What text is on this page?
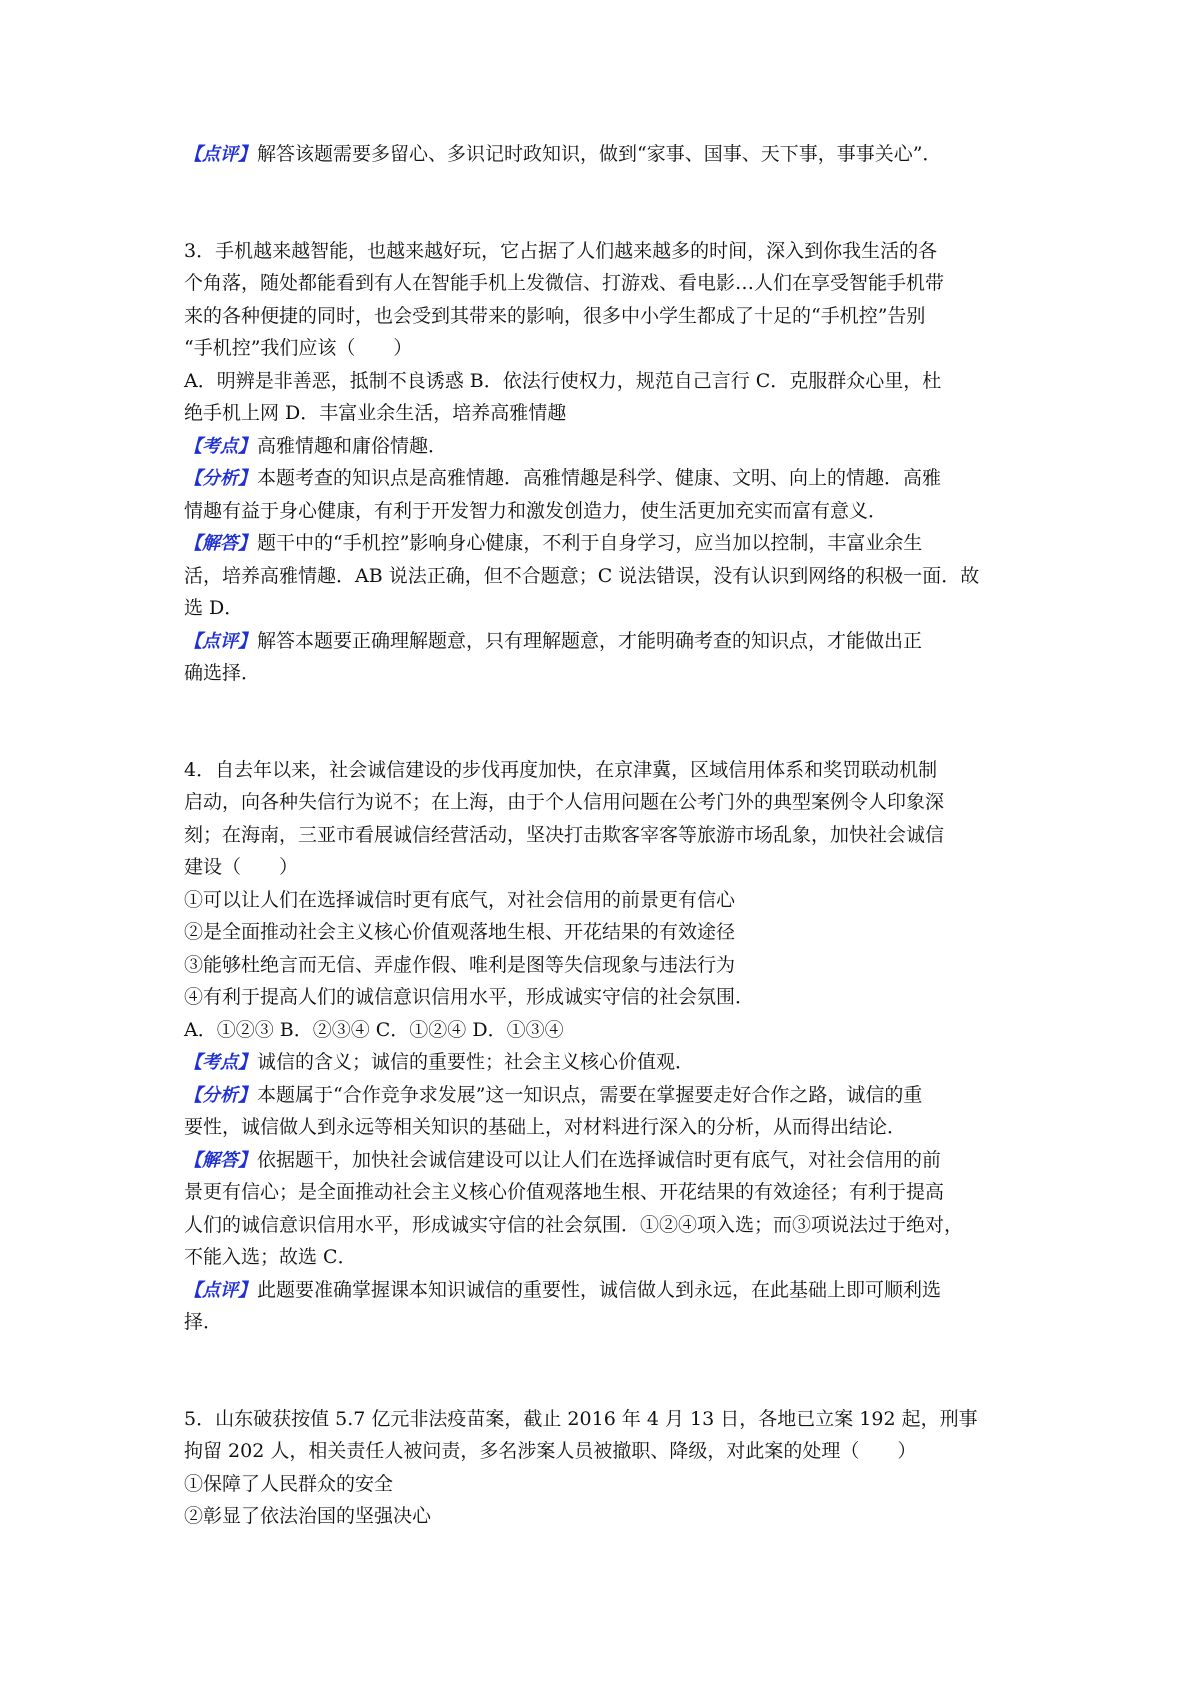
【点评】解答该题需要多留心、多识记时政知识，做到“家事、国事、天下事，事事关心”．
3．手机越来越智能，也越来越好玩，它占据了人们越来越多的时间，深入到你我生活的各
个角落，随处都能看到有人在智能手机上发微信、打游戏、看电影…人们在享受智能手机带
来的各种便捷的同时，也会受到其带来的影响，很多中小学生都成了十足的“手机控”告别
“手机控”我们应该（　　）
A．明辨是非善恶，抵制不良诱惑 B．依法行使权力，规范自己言行 C．克服群众心里，杜
绝手机上网 D．丰富业余生活，培养高雅情趣
【考点】高雅情趣和庸俗情趣．
【分析】本题考查的知识点是高雅情趣．高雅情趣是科学、健康、文明、向上的情趣．高雅
情趣有益于身心健康，有利于开发智力和激发创造力，使生活更加充实而富有意义．
【解答】题干中的“手机控”影响身心健康，不利于自身学习，应当加以控制，丰富业余生
活，培养高雅情趣．AB 说法正确，但不合题意；C 说法错误，没有认识到网络的积极一面．故
选 D．
【点评】解答本题要正确理解题意，只有理解题意，才能明确考查的知识点，才能做出正
确选择．
4．自去年以来，社会诚信建设的步伐再度加快，在京津冀，区域信用体系和奖罚联动机制
启动，向各种失信行为说不；在上海，由于个人信用问题在公考门外的典型案例令人印象深
刻；在海南，三亚市看展诚信经营活动，坚决打击欺客宰客等旅游市场乱象，加快社会诚信
建设（　　）
①可以让人们在选择诚信时更有底气，对社会信用的前景更有信心
②是全面推动社会主义核心价值观落地生根、开花结果的有效途径
③能够杜绝言而无信、弄虚作假、唯利是图等失信现象与违法行为
④有利于提高人们的诚信意识信用水平，形成诚实守信的社会氛围．
A．①②③ B．②③④ C．①②④ D．①③④
【考点】诚信的含义；诚信的重要性；社会主义核心价值观．
【分析】本题属于“合作竞争求发展”这一知识点，需要在掌握要走好合作之路，诚信的重
要性，诚信做人到永远等相关知识的基础上，对材料进行深入的分析，从而得出结论．
【解答】依据题干，加快社会诚信建设可以让人们在选择诚信时更有底气，对社会信用的前
景更有信心；是全面推动社会主义核心价值观落地生根、开花结果的有效途径；有利于提高
人们的诚信意识信用水平，形成诚实守信的社会氛围．①②④项入选；而③项说法过于绝对，
不能入选；故选 C．
【点评】此题要准确掌握课本知识诚信的重要性，诚信做人到永远，在此基础上即可顺利选
择．
5．山东破获按值 5.7 亿元非法疫苗案，截止 2016 年 4 月 13 日，各地已立案 192 起，刑事
拘留 202 人，相关责任人被问责，多名涉案人员被撤职、降级，对此案的处理（　　）
①保障了人民群众的安全
②彰显了依法治国的坚强决心
